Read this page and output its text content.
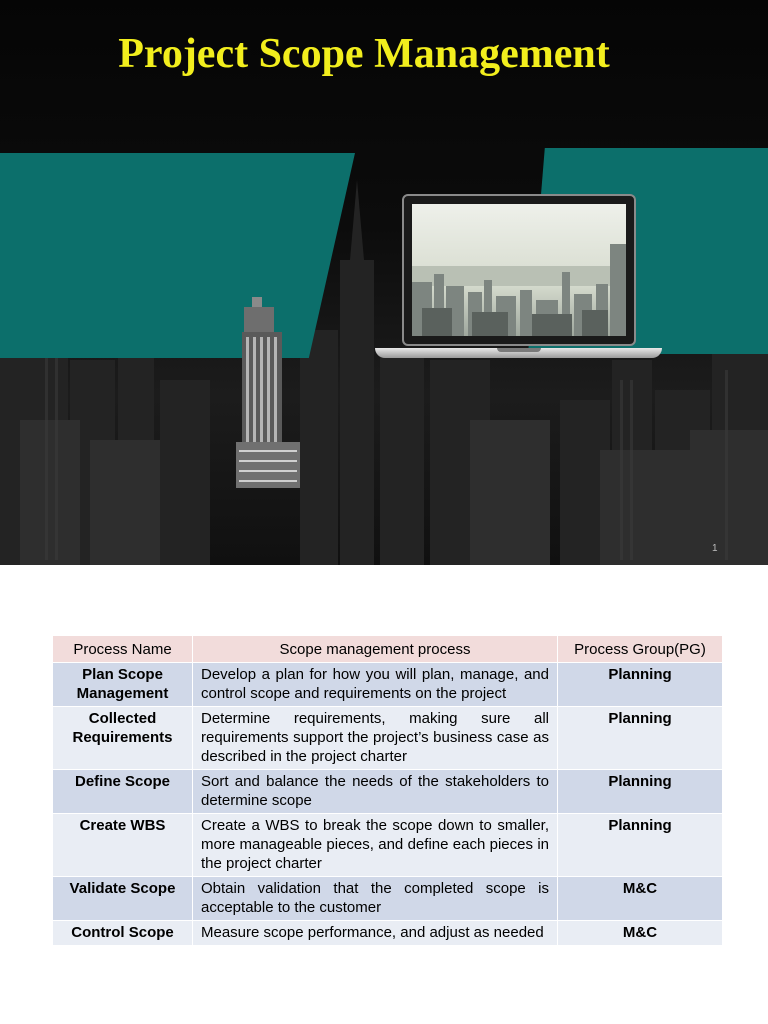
Project Scope Management
1
Process Name	Scope management process	Process Group(PG)
Plan Scope Management	Develop a plan for how you will plan, manage, and control scope and requirements on the project	Planning
Collected Requirements	Determine requirements, making sure all requirements support the project’s business case as described in the project charter	Planning
Define Scope	Sort and balance the needs of the stakeholders to determine scope	Planning
Create WBS	Create a WBS to break the scope down to smaller, more manageable pieces, and define each pieces in the project charter	Planning
Validate Scope	Obtain validation that the completed scope is acceptable to the customer	M&C
Control Scope	Measure scope performance, and adjust as needed	M&C
